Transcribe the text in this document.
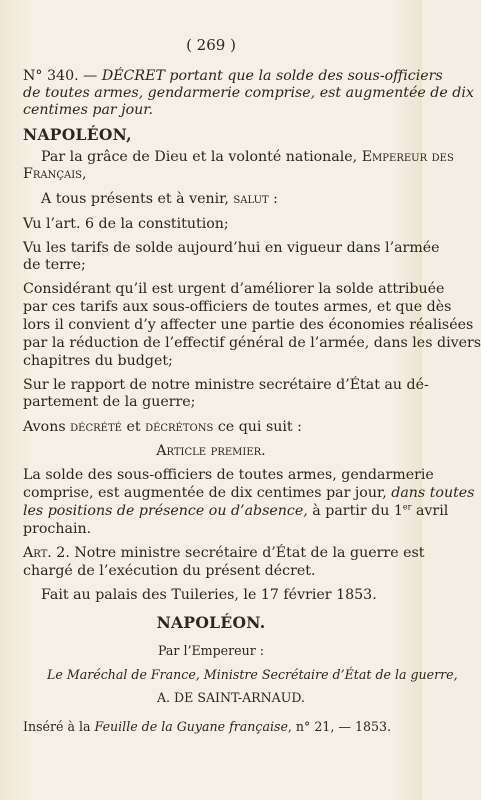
( 269 )
N° 340. — DÉCRET portant que la solde des sous-officiers
de toutes armes, gendarmerie comprise, est augmentée de dix
centimes par jour.
NAPOLÉON,
Par la grâce de Dieu et la volonté nationale, Empereur des
Français,
A tous présents et à venir, salut :
Vu l’art. 6 de la constitution;
Vu les tarifs de solde aujourd’hui en vigueur dans l’armée
de terre;
Considérant qu’il est urgent d’améliorer la solde attribuée
par ces tarifs aux sous-officiers de toutes armes, et que dès
lors il convient d’y affecter une partie des économies réalisées
par la réduction de l’effectif général de l’armée, dans les divers
chapitres du budget;
Sur le rapport de notre ministre secrétaire d’État au dé-
partement de la guerre;
Avons décrété et décrétons ce qui suit :
Article premier.
La solde des sous-officiers de toutes armes, gendarmerie
comprise, est augmentée de dix centimes par jour, dans toutes
les positions de présence ou d’absence, à partir du 1er avril
prochain.
Art. 2. Notre ministre secrétaire d’État de la guerre est
chargé de l’exécution du présent décret.
Fait au palais des Tuileries, le 17 février 1853.
NAPOLÉON.
Par l’Empereur :
Le Maréchal de France, Ministre Secrétaire d’État de la guerre,
A. DE SAINT-ARNAUD.
Inséré à la Feuille de la Guyane française, n° 21, — 1853.
